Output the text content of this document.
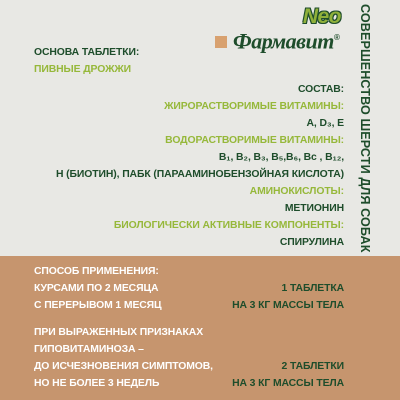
Neo
Фармавит®	СОВЕРШЕНСТВО ШЕРСТИ ДЛЯ СОБАК
ОСНОВА ТАБЛЕТКИ:
ПИВНЫЕ ДРОЖЖИ
СОСТАВ:
ЖИРОРАСТВОРИМЫЕ ВИТАМИНЫ:
A, D₃, E
ВОДОРАСТВОРИМЫЕ ВИТАМИНЫ:
B₁, B₂, B₃, B₅,B₆, Bc , B₁₂,
H (БИОТИН), ПАБК (ПАРААМИНОБЕНЗОЙНАЯ КИСЛОТА)
АМИНОКИСЛОТЫ:
МЕТИОНИН
БИОЛОГИЧЕСКИ АКТИВНЫЕ КОМПОНЕНТЫ:
СПИРУЛИНА
СПОСОБ ПРИМЕНЕНИЯ:
КУРСАМИ ПО 2 МЕСЯЦА	1 ТАБЛЕТКА
С ПЕРЕРЫВОМ 1 МЕСЯЦ	НА 3 КГ МАССЫ ТЕЛА
ПРИ ВЫРАЖЕННЫХ ПРИЗНАКАХ
ГИПОВИТАМИНОЗА –
ДО ИСЧЕЗНОВЕНИЯ СИМПТОМОВ,	2 ТАБЛЕТКИ
НО НЕ БОЛЕЕ 3 НЕДЕЛЬ	НА 3 КГ МАССЫ ТЕЛА
